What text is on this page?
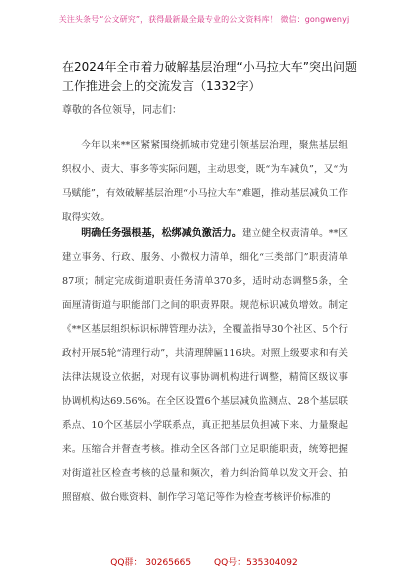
关注头条号“公文研究”，获得最新最全最专业的公文资料库！ 微信：gongwenyj
在2024年全市着力破解基层治理“小马拉大车”突出问题工作推进会上的交流发言（1332字）
尊敬的各位领导，同志们：

今年以来**区紧紧围绕抓城市党建引领基层治理，聚焦基层组织权小、责大、事多等实际问题，主动思变，既“为车减负”，又“为马赋能”，有效破解基层治理“小马拉大车”难题，推动基层减负工作取得实效。

明确任务强根基，松绑减负激活力。建立健全权责清单。**区建立事务、行政、服务、小微权力清单，细化“三类部门”职责清单87项；制定完成街道职责任务清单370多，适时动态调整5条，全面厘清街道与职能部门之间的职责界限。规范标识减负增效。制定《**区基层组织标识标牌管理办法》，全覆盖指导30个社区、5个行政村开展5轮“清理行动”，共清理牌匾116块。对照上级要求和有关法律法规设立依据，对现有议事协调机构进行调整，精简区级议事协调机构达69.56%。在全区设置6个基层减负监测点、28个基层联系点、10个区基层小学联系点，真正把基层负担减下来、力量聚起来。压缩合并督查考核。推动全区各部门立足职能职责，统筹把握对街道社区检查考核的总量和频次，着力纠治简单以发文开会、拍照留痕、做台账资料、制作学习笔记等作为检查考核评价标准的

QQ群： 30265665	QQ号：535304092
